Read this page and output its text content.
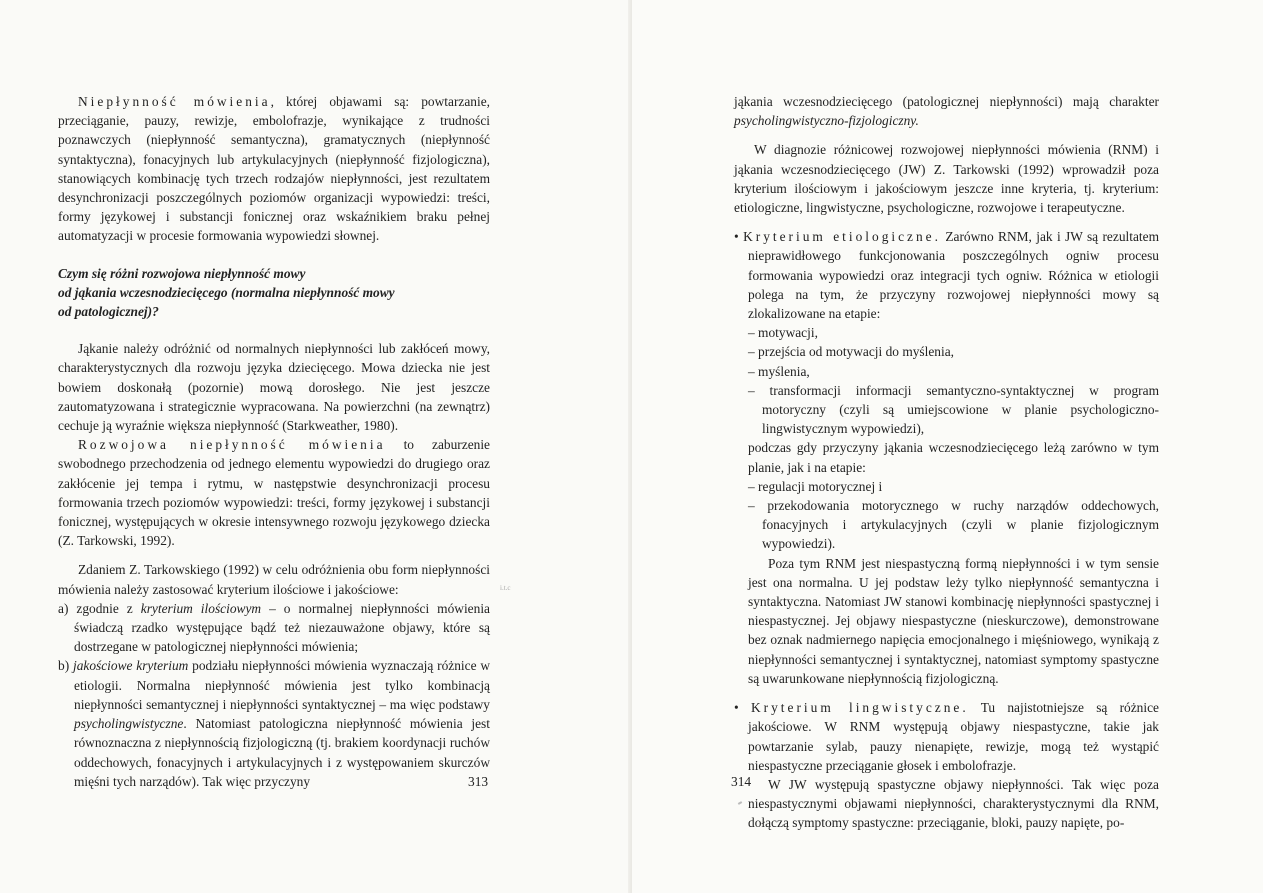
Niepłynność mówienia, której objawami są: powtarzanie, przeciąganie, pauzy, rewizje, embolofrazje, wynikające z trudności poznawczych (niepłynność semantyczna), gramatycznych (niepłynność syntaktyczna), fonacyjnych lub artykulacyjnych (niepłynność fizjologiczna), stanowiących kombinację tych trzech rodzajów niepłynności, jest rezultatem desynchronizacji poszczególnych poziomów organizacji wypowiedzi: treści, formy językowej i substancji fonicznej oraz wskaźnikiem braku pełnej automatyzacji w procesie formowania wypowiedzi słownej.

Czym się różni rozwojowa niepłynność mowy
od jąkania wczesnodziecięcego (normalna niepłynność mowy
od patologicznej)?

Jąkanie należy odróżnić od normalnych niepłynności lub zakłóceń mowy, charakterystycznych dla rozwoju języka dziecięcego. Mowa dziecka nie jest bowiem doskonałą (pozornie) mową dorosłego. Nie jest jeszcze zautomatyzowana i strategicznie wypracowana. Na powierzchni (na zewnątrz) cechuje ją wyraźnie większa niepłynność (Starkweather, 1980).

Rozwojowa niepłynność mówienia to zaburzenie swobodnego przechodzenia od jednego elementu wypowiedzi do drugiego oraz zakłócenie jej tempa i rytmu, w następstwie desynchronizacji procesu formowania trzech poziomów wypowiedzi: treści, formy językowej i substancji fonicznej, występujących w okresie intensywnego rozwoju językowego dziecka (Z. Tarkowski, 1992).

Zdaniem Z. Tarkowskiego (1992) w celu odróżnienia obu form niepłynności mówienia należy zastosować kryterium ilościowe i jakościowe:

a) zgodnie z kryterium ilościowym – o normalnej niepłynności mówienia świadczą rzadko występujące bądź też niezauważone objawy, które są dostrzegane w patologicznej niepłynności mówienia;

b) jakościowe kryterium podziału niepłynności mówienia wyznaczają różnice w etiologii. Normalna niepłynność mówienia jest tylko kombinacją niepłynności semantycznej i niepłynności syntaktycznej – ma więc podstawy psycholingwistyczne. Natomiast patologiczna niepłynność mówienia jest równoznaczna z niepłynnością fizjologiczną (tj. brakiem koordynacji ruchów oddechowych, fonacyjnych i artykulacyjnych i z występowaniem skurczów mięśni tych narządów). Tak więc przyczyny

i.t.c
313

jąkania wczesnodziecięcego (patologicznej niepłynności) mają charakter psycholingwistyczno-fizjologiczny.

W diagnozie różnicowej rozwojowej niepłynności mówienia (RNM) i jąkania wczesnodziecięcego (JW) Z. Tarkowski (1992) wprowadził poza kryterium ilościowym i jakościowym jeszcze inne kryteria, tj. kryterium: etiologiczne, lingwistyczne, psychologiczne, rozwojowe i terapeutyczne.

• Kryterium etiologiczne. Zarówno RNM, jak i JW są rezultatem nieprawidłowego funkcjonowania poszczególnych ogniw procesu formowania wypowiedzi oraz integracji tych ogniw. Różnica w etiologii polega na tym, że przyczyny rozwojowej niepłynności mowy są zlokalizowane na etapie:

– motywacji,

– przejścia od motywacji do myślenia,

– myślenia,

– transformacji informacji semantyczno-syntaktycznej w program motoryczny (czyli są umiejscowione w planie psychologiczno-lingwistycznym wypowiedzi),

podczas gdy przyczyny jąkania wczesnodziecięcego leżą zarówno w tym planie, jak i na etapie:

– regulacji motorycznej i

– przekodowania motorycznego w ruchy narządów oddechowych, fonacyjnych i artykulacyjnych (czyli w planie fizjologicznym wypowiedzi).

Poza tym RNM jest niespastyczną formą niepłynności i w tym sensie jest ona normalna. U jej podstaw leży tylko niepłynność semantyczna i syntaktyczna. Natomiast JW stanowi kombinację niepłynności spastycznej i niespastycznej. Jej objawy niespastyczne (nieskurczowe), demonstrowane bez oznak nadmiernego napięcia emocjonalnego i mięśniowego, wynikają z niepłynności semantycznej i syntaktycznej, natomiast symptomy spastyczne są uwarunkowane niepłynnością fizjologiczną.

• Kryterium lingwistyczne. Tu najistotniejsze są różnice jakościowe. W RNM występują objawy niespastyczne, takie jak powtarzanie sylab, pauzy nienapięte, rewizje, mogą też wystąpić niespastyczne przeciąganie głosek i embolofrazje.

W JW występują spastyczne objawy niepłynności. Tak więc poza niespastycznymi objawami niepłynności, charakterystycznymi dla RNM, dołączą symptomy spastyczne: przeciąganie, bloki, pauzy napięte, po-

314
